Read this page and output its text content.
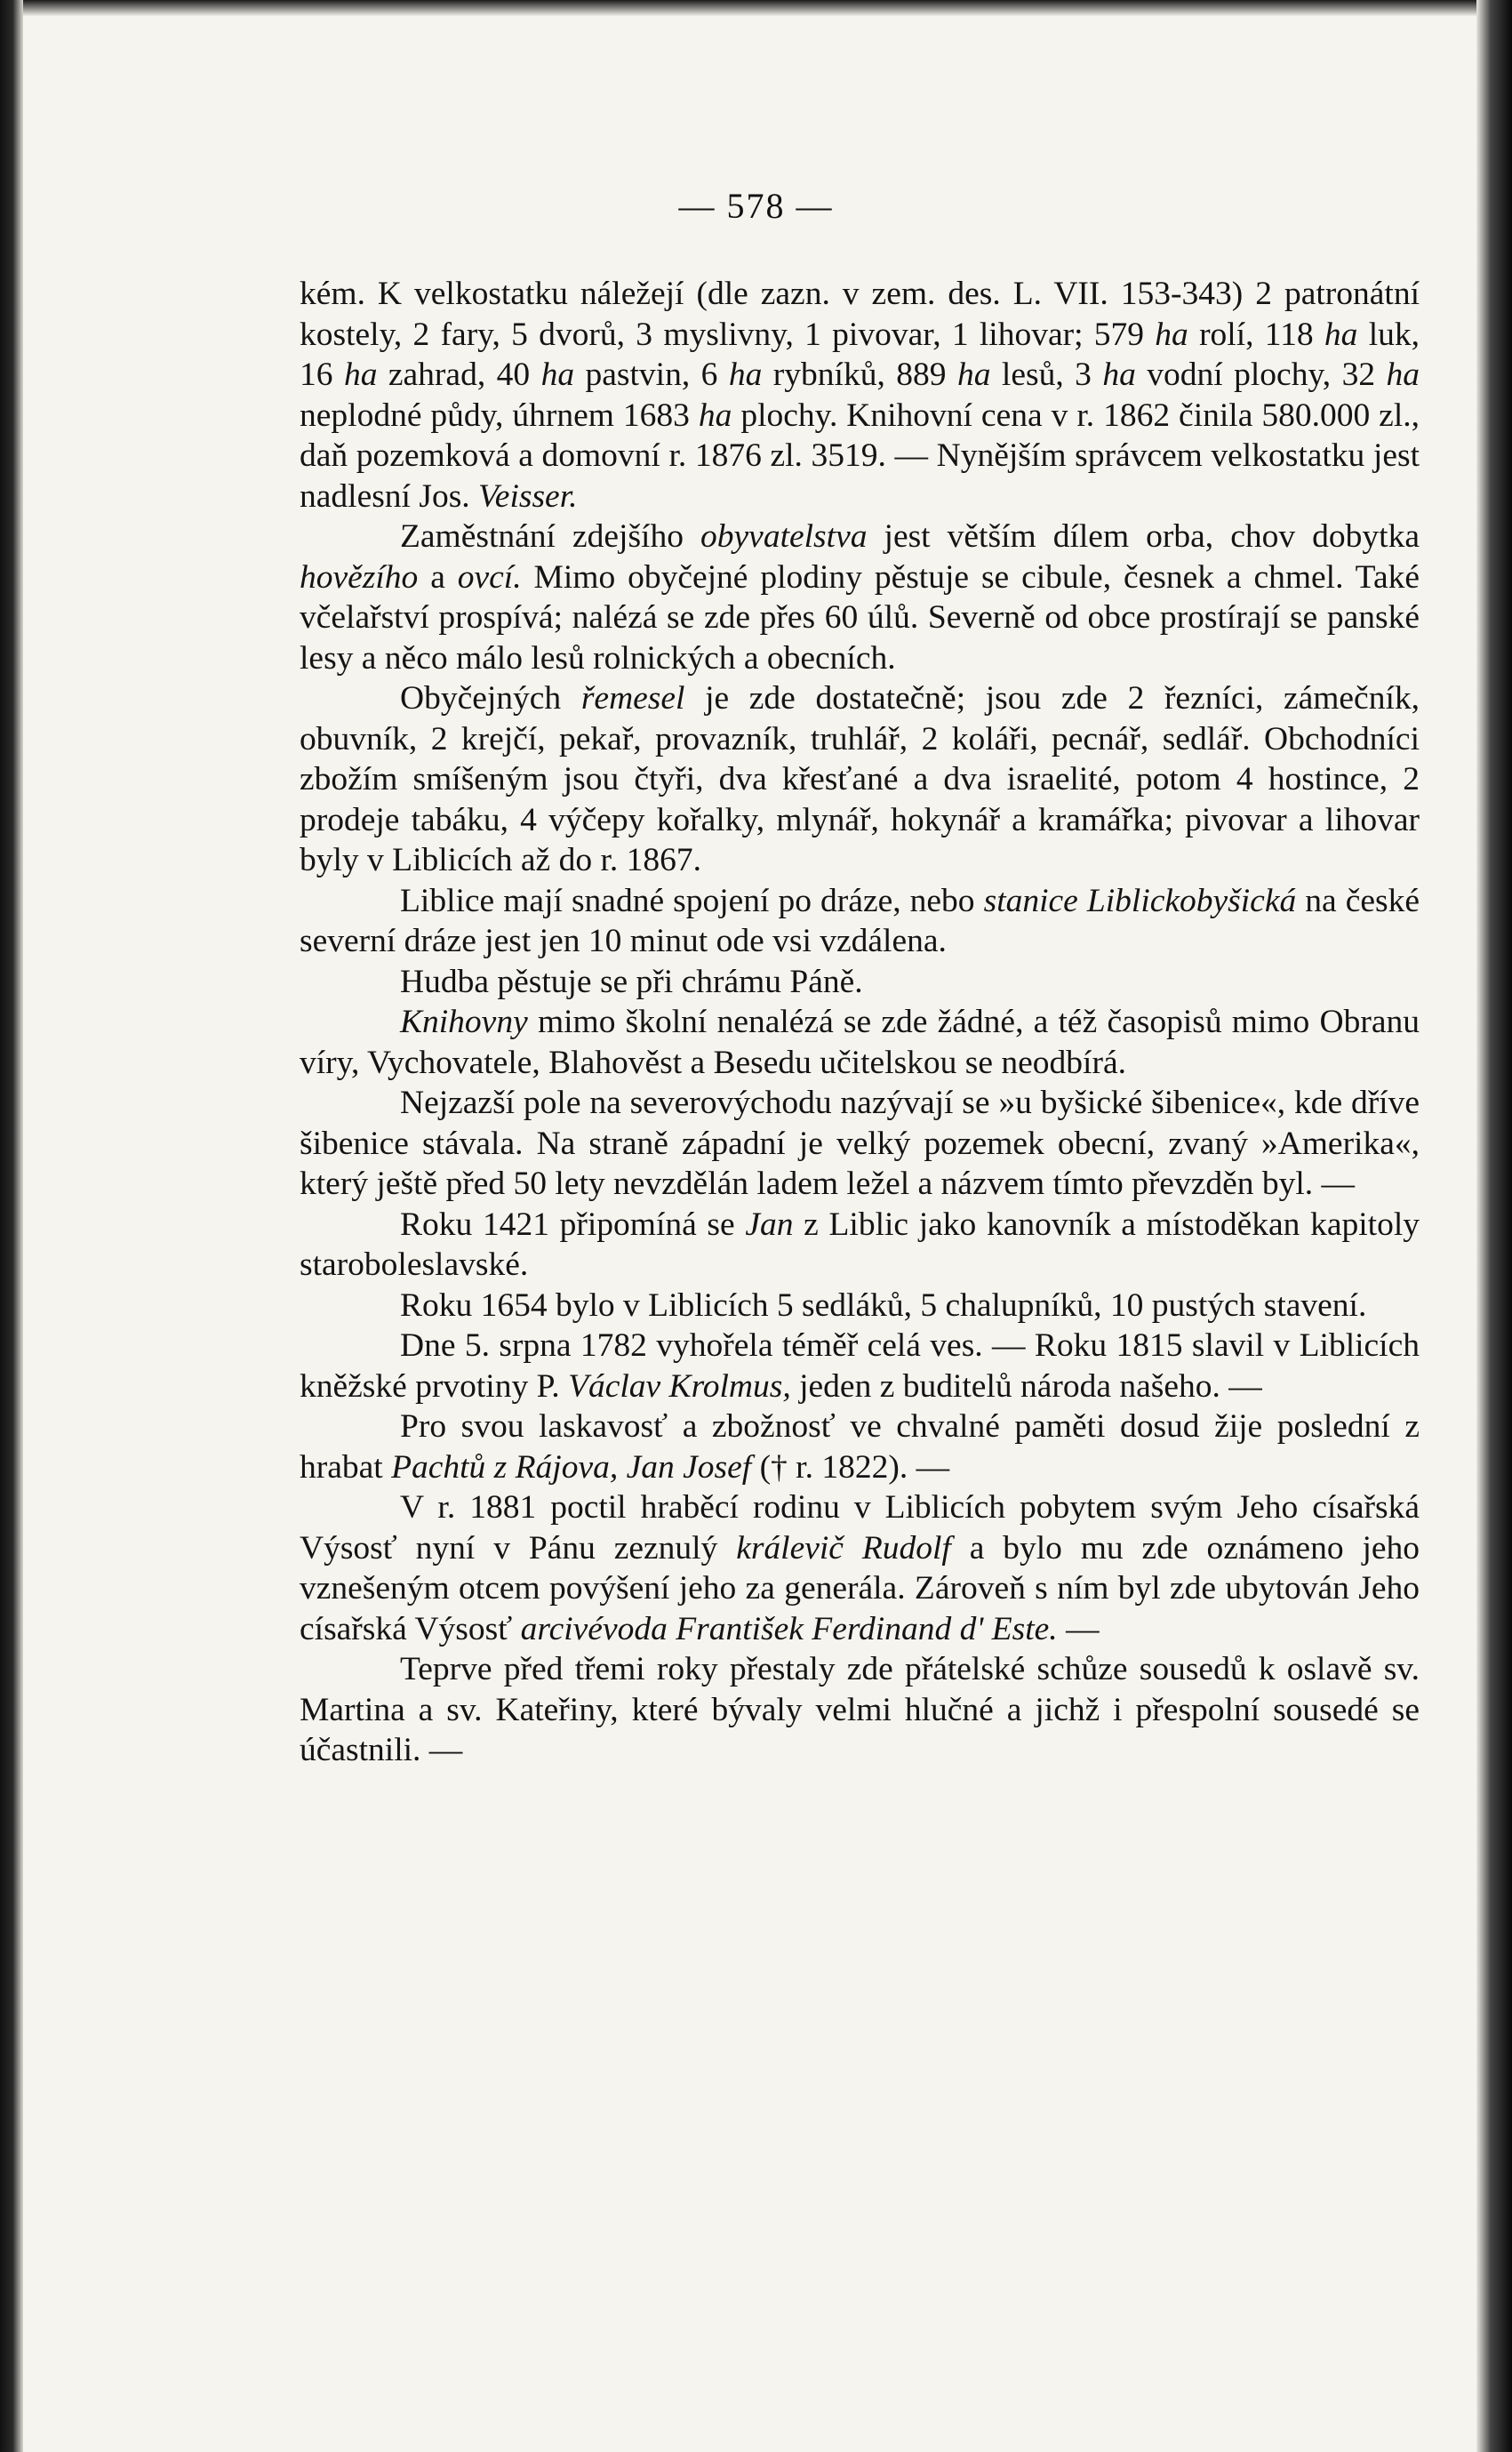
— 578 —

kém. K velkostatku náležejí (dle zazn. v zem. des. L. VII. 153-343) 2 patronátní kostely, 2 fary, 5 dvorů, 3 myslivny, 1 pivovar, 1 lihovar; 579 ha rolí, 118 ha luk, 16 ha zahrad, 40 ha pastvin, 6 ha rybníků, 889 ha lesů, 3 ha vodní plochy, 32 ha neplodné půdy, úhrnem 1683 ha plochy. Knihovní cena v r. 1862 činila 580.000 zl., daň pozemková a domovní r. 1876 zl. 3519. — Nynějším správcem velkostatku jest nadlesní Jos. Veisser.

Zaměstnání zdejšího obyvatelstva jest větším dílem orba, chov dobytka hovězího a ovcí. Mimo obyčejné plodiny pěstuje se cibule, česnek a chmel. Také včelařství prospívá; nalézá se zde přes 60 úlů. Severně od obce prostírají se panské lesy a něco málo lesů rolnických a obecních.

Obyčejných řemesel je zde dostatečně; jsou zde 2 řezníci, zámečník, obuvník, 2 krejčí, pekař, provazník, truhlář, 2 koláři, pecnář, sedlář. Obchodníci zbožím smíšeným jsou čtyři, dva křesťané a dva israelité, potom 4 hostince, 2 prodeje tabáku, 4 výčepy kořalky, mlynář, hokynář a kramářka; pivovar a lihovar byly v Liblicích až do r. 1867.

Liblice mají snadné spojení po dráze, nebo stanice Liblickobyšická na české severní dráze jest jen 10 minut ode vsi vzdálena.

Hudba pěstuje se při chrámu Páně.

Knihovny mimo školní nenalézá se zde žádné, a též časopisů mimo Obranu víry, Vychovatele, Blahověst a Besedu učitelskou se neodbírá.

Nejzazší pole na severovýchodu nazývají se »u byšické šibenice«, kde dříve šibenice stávala. Na straně západní je velký pozemek obecní, zvaný »Amerika«, který ještě před 50 lety nevzdělán ladem ležel a názvem tímto převzděn byl. —

Roku 1421 připomíná se Jan z Liblic jako kanovník a místoděkan kapitoly staroboleslavské.

Roku 1654 bylo v Liblicích 5 sedláků, 5 chalupníků, 10 pustých stavení.

Dne 5. srpna 1782 vyhořela téměř celá ves. — Roku 1815 slavil v Liblicích kněžské prvotiny P. Václav Krolmus, jeden z buditelů národa našeho. —

Pro svou laskavosť a zbožnosť ve chvalné paměti dosud žije poslední z hrabat Pachtů z Rájova, Jan Josef († r. 1822). —

V r. 1881 poctil hraběcí rodinu v Liblicích pobytem svým Jeho císařská Výsosť nyní v Pánu zeznulý králevič Rudolf a bylo mu zde oznámeno jeho vznešeným otcem povýšení jeho za generála. Zároveň s ním byl zde ubytován Jeho císařská Výsosť arcivévoda František Ferdinand d' Este. —

Teprve před třemi roky přestaly zde přátelské schůze sousedů k oslavě sv. Martina a sv. Kateřiny, které bývaly velmi hlučné a jichž i přespolní sousedé se účastnili. —
